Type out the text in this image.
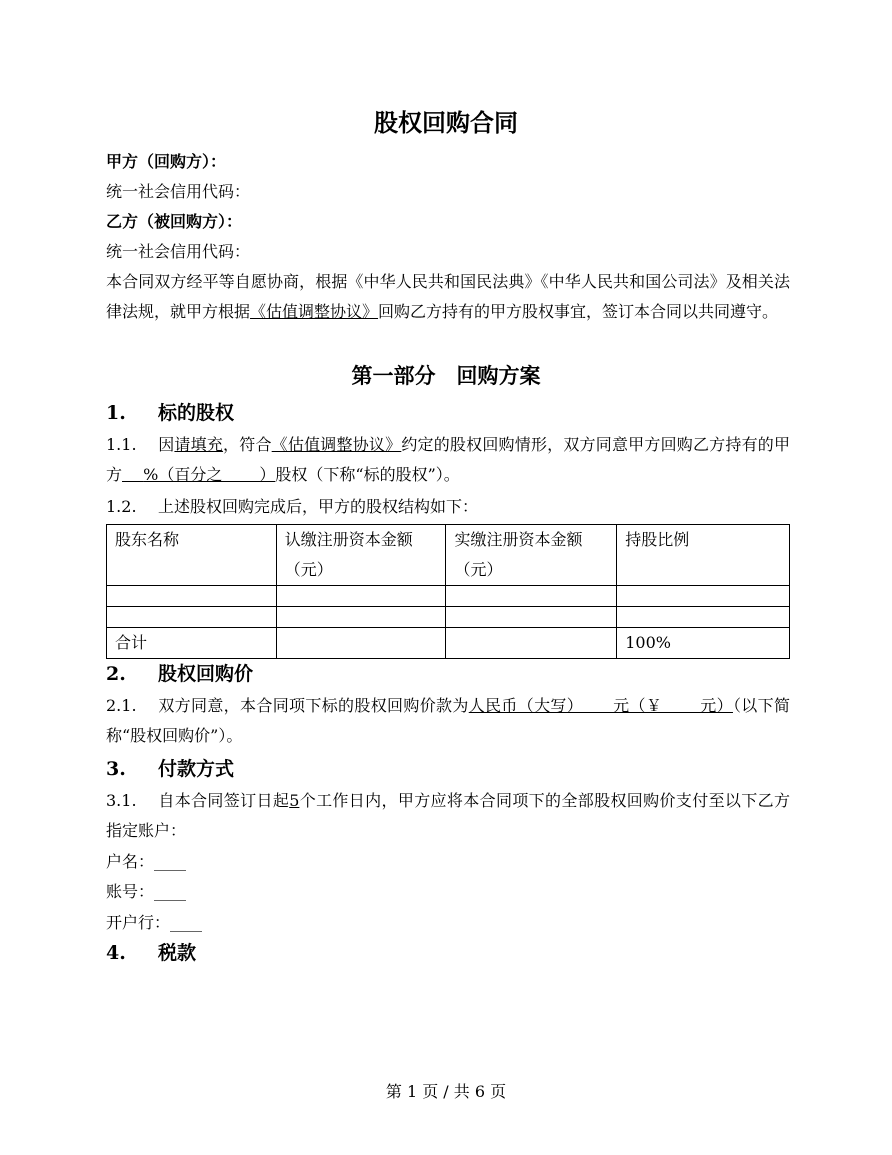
股权回购合同
甲方（回购方）：
统一社会信用代码：
乙方（被回购方）：
统一社会信用代码：
本合同双方经平等自愿协商，根据《中华人民共和国民法典》《中华人民共和国公司法》及相关法律法规，就甲方根据《估值调整协议》回购乙方持有的甲方股权事宜，签订本合同以共同遵守。
第一部分　回购方案
1. 标的股权
1.1. 因请填充，符合《估值调整协议》约定的股权回购情形，双方同意甲方回购乙方持有的甲方　 %（百分之　　 ）股权（下称“标的股权”）。
1.2. 上述股权回购完成后，甲方的股权结构如下：
股东名称	认缴注册资本金额（元）	实缴注册资本金额（元）	持股比例

合计			100%
2. 股权回购价
2.1. 双方同意，本合同项下标的股权回购价款为人民币（大写）　　 元（￥　　 元）（以下简称“股权回购价”）。
3. 付款方式
3.1. 自本合同签订日起5个工作日内，甲方应将本合同项下的全部股权回购价支付至以下乙方指定账户：
户名：____
账号：____
开户行：____
4. 税款
第 1 页 / 共 6 页
